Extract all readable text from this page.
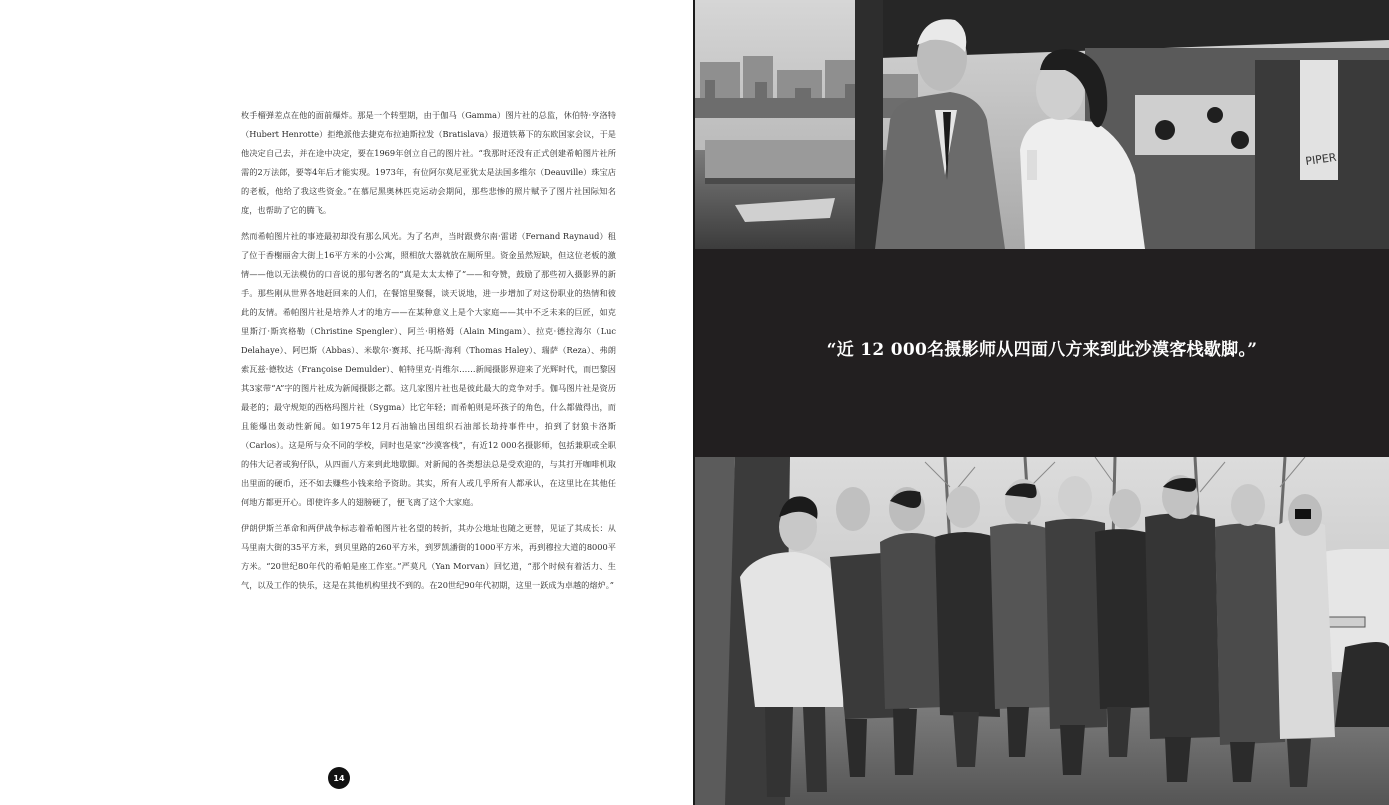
枚手榴弹差点在他的面前爆炸。那是一个转型期，由于伽马（Gamma）图片社的总监，休伯特·亨洛特（Hubert Henrotte）拒绝派他去捷克布拉迪斯拉发（Bratislava）报道铁幕下的东欧国家会议，于是他决定自己去，并在途中决定，要在1969年创立自己的图片社。“我那时还没有正式创建希帕图片社所需的2万法郎，要等4年后才能实现。1973年，有位阿尔莫尼亚犹太是法国多维尔（Deauville）珠宝店的老板，他给了我这些资金。”在慕尼黑奥林匹克运动会期间，那些悲惨的照片赋予了图片社国际知名度，也帮助了它的腾飞。

然而希帕图片社的事迹最初却没有那么风光。为了名声，当时跟费尔南·雷诺（Fernand Raynaud）租了位于香榭丽舍大街上16平方米的小公寓，照相放大器就放在厕所里。资金虽然短缺，但这位老板的激情——他以无法模仿的口音说的那句著名的“真是太太太棒了”——和夸赞，鼓励了那些初入摄影界的新手。那些刚从世界各地赶回来的人们，在餐馆里聚餐，谈天说地，进一步增加了对这份职业的热情和彼此的友情。希帕图片社是培养人才的地方——在某种意义上是个大家庭——其中不乏未来的巨匠，如克里斯汀·斯宾格勒（Christine Spengler）、阿兰·明格姆（Alain Mingam）、拉克·德拉海尔（Luc Delahaye）、阿巴斯（Abbas）、米歇尔·赛邦、托马斯·海利（Thomas Haley）、瑞萨（Reza）、弗朗索瓦兹·德牧达（Françoise Demulder）、帕特里克·肖维尔……新闻摄影界迎来了光辉时代，而巴黎因其3家带“A”字的图片社成为新闻摄影之都。这几家图片社也是彼此最大的竞争对手。伽马图片社是资历最老的；最守规矩的西格玛图片社（Sygma）比它年轻；而希帕则是坏孩子的角色，什么都做得出，而且能爆出轰动性新闻。如1975年12月石油输出国组织石油部长劫持事件中，拍到了豺狼卡洛斯（Carlos）。这是所与众不同的学校，同时也是家“沙漠客栈”，有近12 000名摄影师，包括兼职或全职的伟大记者或狗仔队，从四面八方来到此地歇脚。对新闻的各类想法总是受欢迎的，与其打开咖啡机取出里面的硬币，还不如去赚些小钱来给予资助。其实，所有人或几乎所有人都承认，在这里比在其他任何地方都更开心。即使许多人的翅膀硬了，便飞离了这个大家庭。

伊朗伊斯兰革命和两伊战争标志着希帕图片社名望的转折，其办公地址也随之更替，见证了其成长：从马里南大街的35平方米，到贝里路的260平方米，到罗凯潘街的1000平方米，再到穆拉大道的8000平方米。“20世纪80年代的希帕是座工作室。”严莫凡（Yan Morvan）回忆道，“那个时候有着活力、生气，以及工作的快乐，这是在其他机构里找不到的。在20世纪90年代初期，这里一跃成为卓越的熔炉。”

14
PIPER
“近 12 000名摄影师从四面八方来到此沙漠客栈歇脚。”
